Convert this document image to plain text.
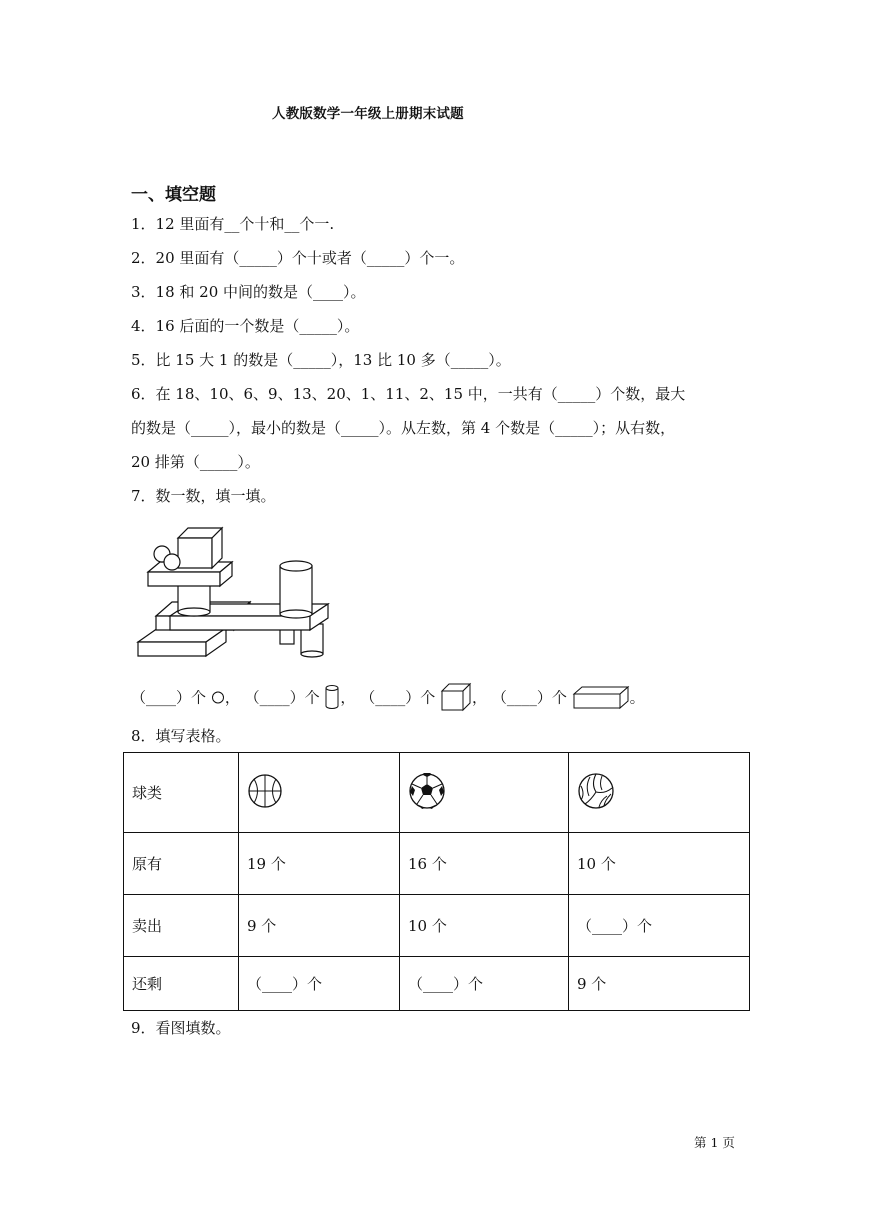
人教版数学一年级上册期末试题
一、填空题
1．12 里面有__个十和__个一.
2．20 里面有（_____）个十或者（_____）个一。
3．18 和 20 中间的数是（____）。
4．16 后面的一个数是（_____）。
5．比 15 大 1 的数是（_____），13 比 10 多（_____）。
6．在 18、10、6、9、13、20、1、11、2、15 中，一共有（_____）个数，最大
的数是（_____），最小的数是（_____）。从左数，第 4 个数是（_____）；从右数，
20 排第（_____）。
7．数一数，填一填。
（____）个 ， （____）个 ， （____）个 ， （____）个	。
8．填写表格。
球类			
原有	19 个	16 个	10 个
卖出	9 个	10 个	（____）个
还剩	（____）个	（____）个	9 个
9．看图填数。
第 1 页
